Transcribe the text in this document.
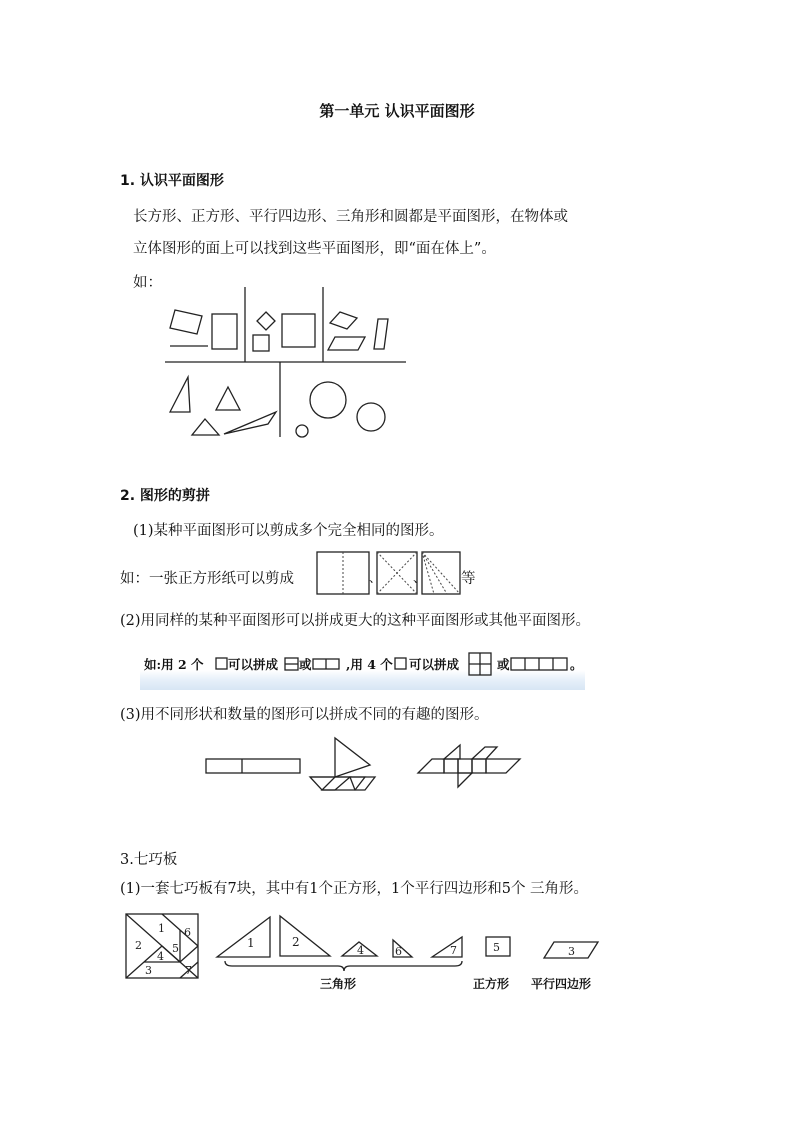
第一单元 认识平面图形
1. 认识平面图形
长方形、正方形、平行四边形、三角形和圆都是平面图形，在物体或
立体图形的面上可以找到这些平面图形，即“面在体上”。
如：
2. 图形的剪拼
(1)某种平面图形可以剪成多个完全相同的图形。
如：一张正方形纸可以剪成	、	、 等
(2)用同样的某种平面图形可以拼成更大的这种平面图形或其他平面图形。
如:用 2 个 可以拼成 或	,用 4 个 可以拼成	或	。
(3)用不同形状和数量的图形可以拼成不同的有趣的图形。
3.七巧板
(1)一套七巧板有7块，其中有1个正方形，1个平行四边形和5个 三角形。
1
2	5
6
4
3	7
1	2
4	6	7	5	3
三角形	正方形 平行四边形
